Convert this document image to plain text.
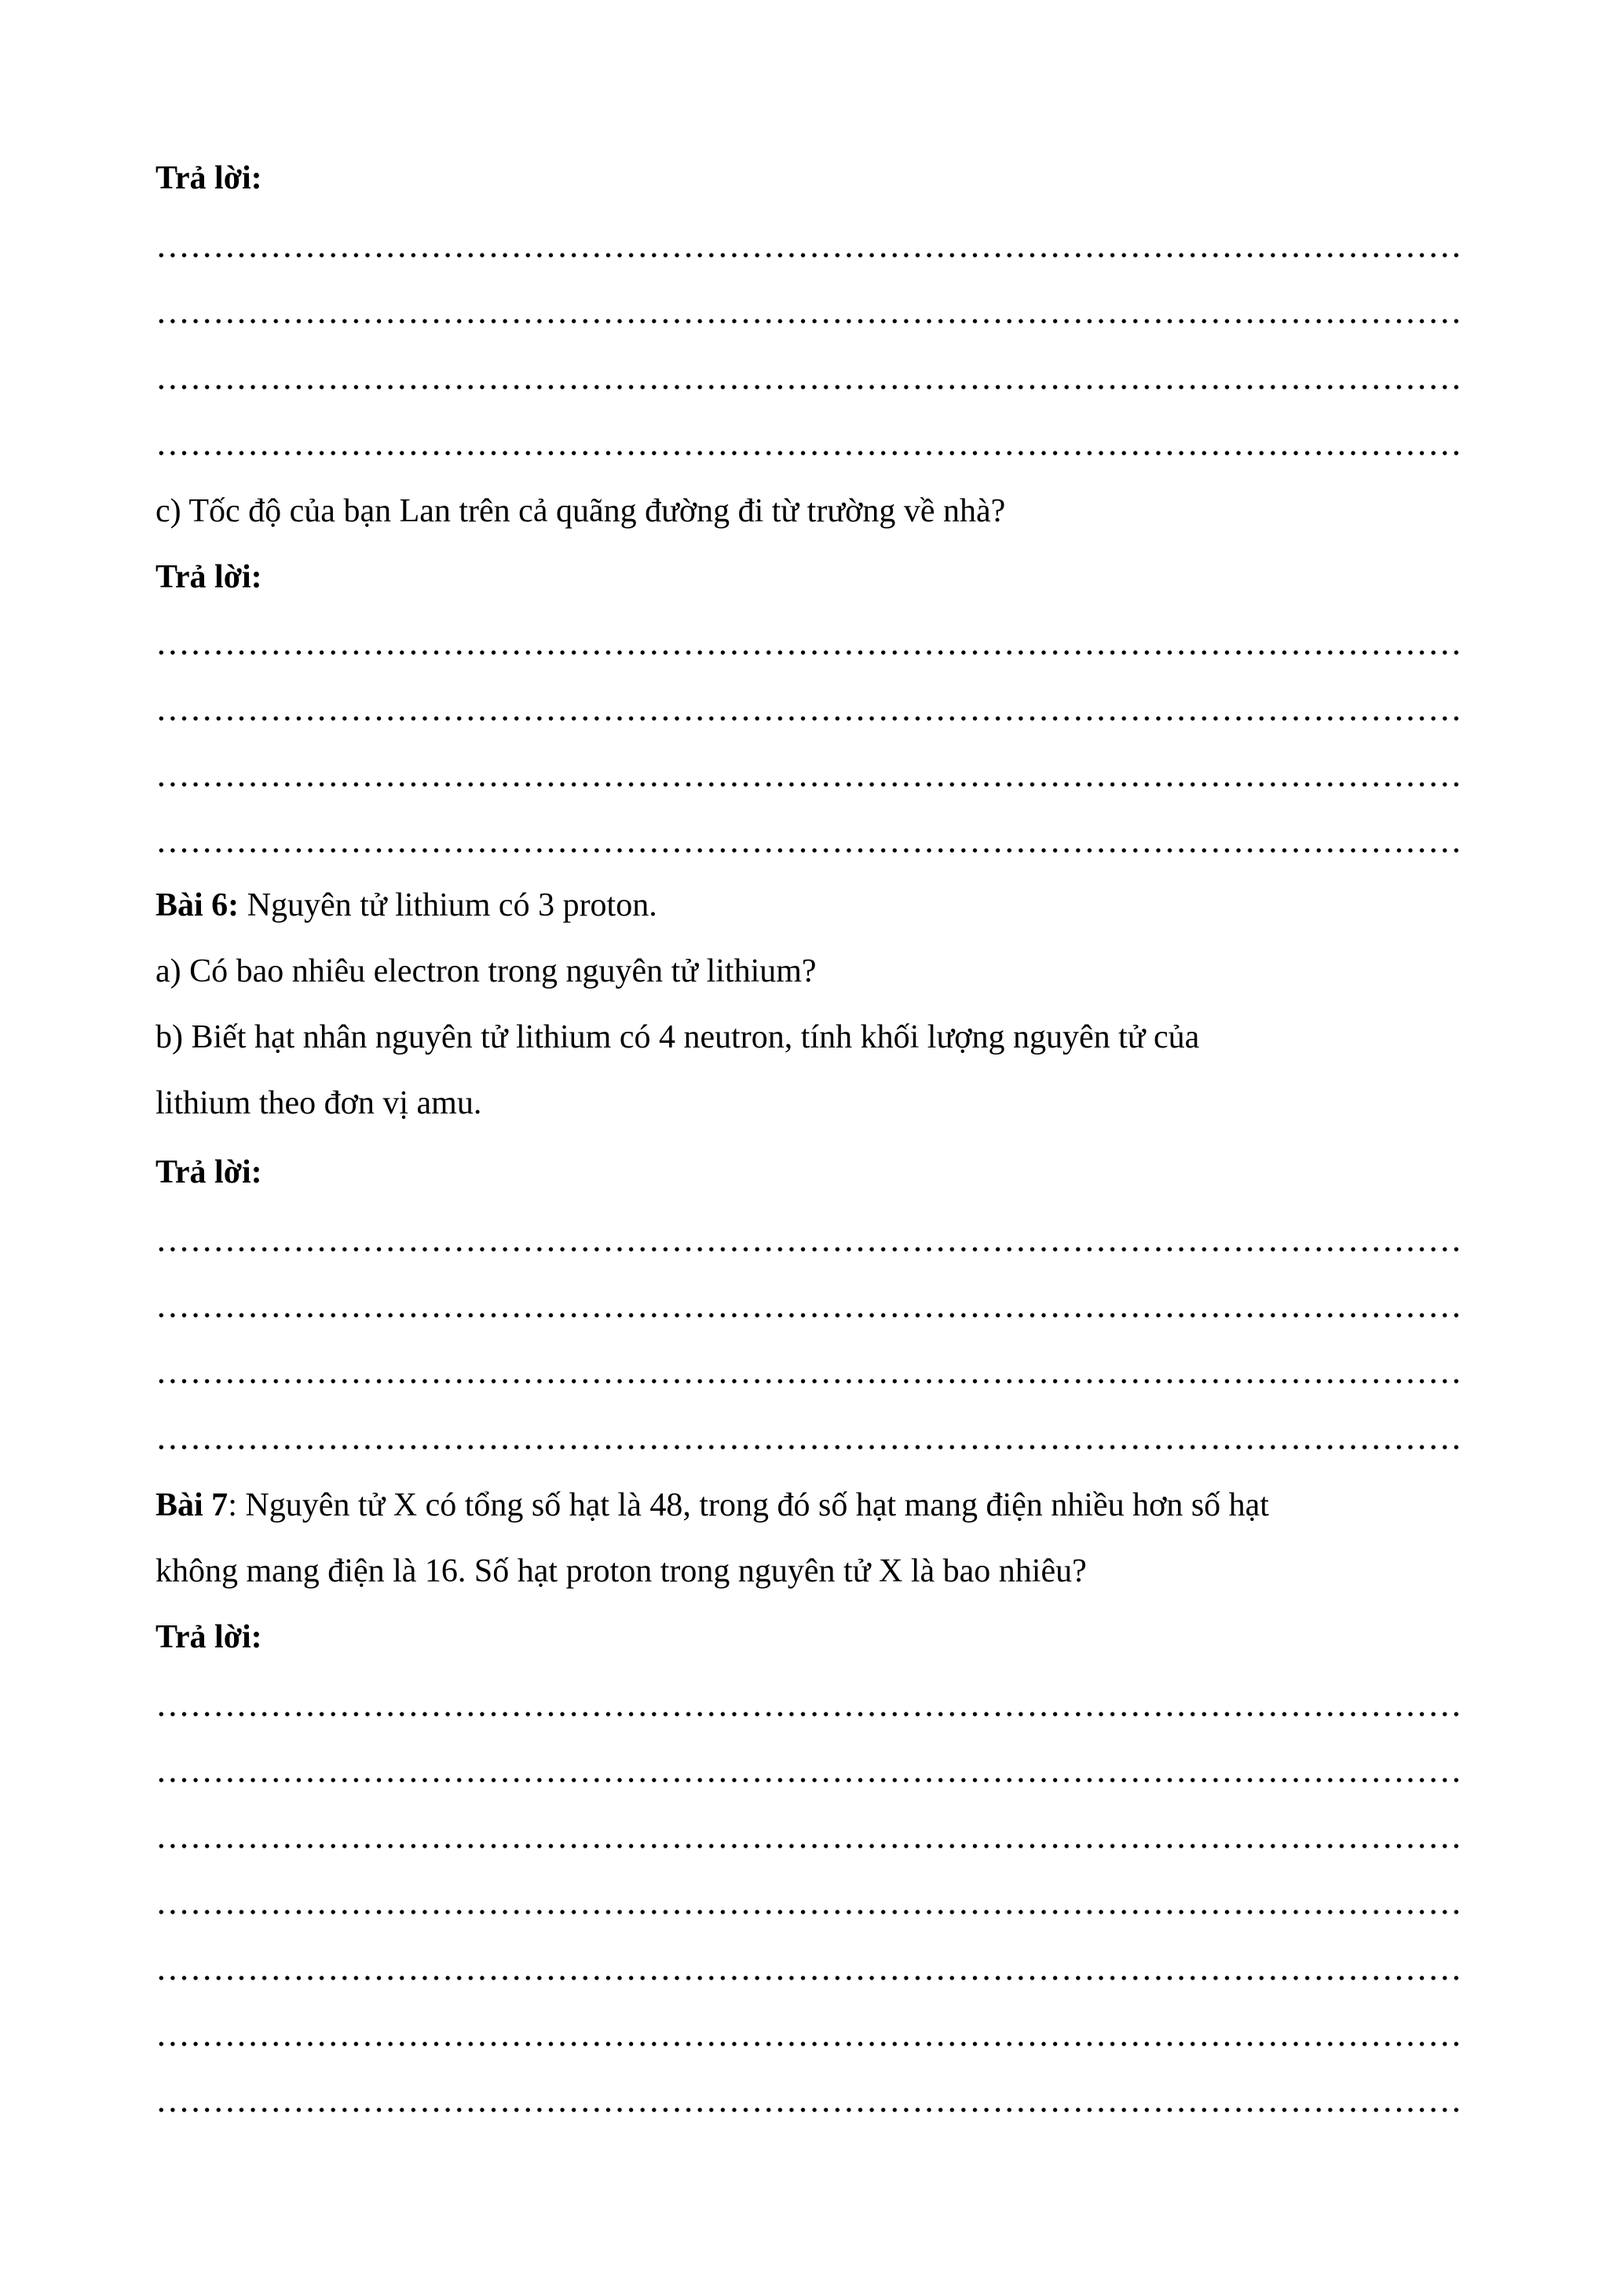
Trả lời:
c) Tốc độ của bạn Lan trên cả quãng đường đi từ trường về nhà?
Trả lời:
Bài 6: Nguyên tử lithium có 3 proton.
a) Có bao nhiêu electron trong nguyên tử lithium?
b) Biết hạt nhân nguyên tử lithium có 4 neutron, tính khối lượng nguyên tử của
lithium theo đơn vị amu.
Trả lời:
Bài 7: Nguyên tử X có tổng số hạt là 48, trong đó số hạt mang điện nhiều hơn số hạt
không mang điện là 16. Số hạt proton trong nguyên tử X là bao nhiêu?
Trả lời:
